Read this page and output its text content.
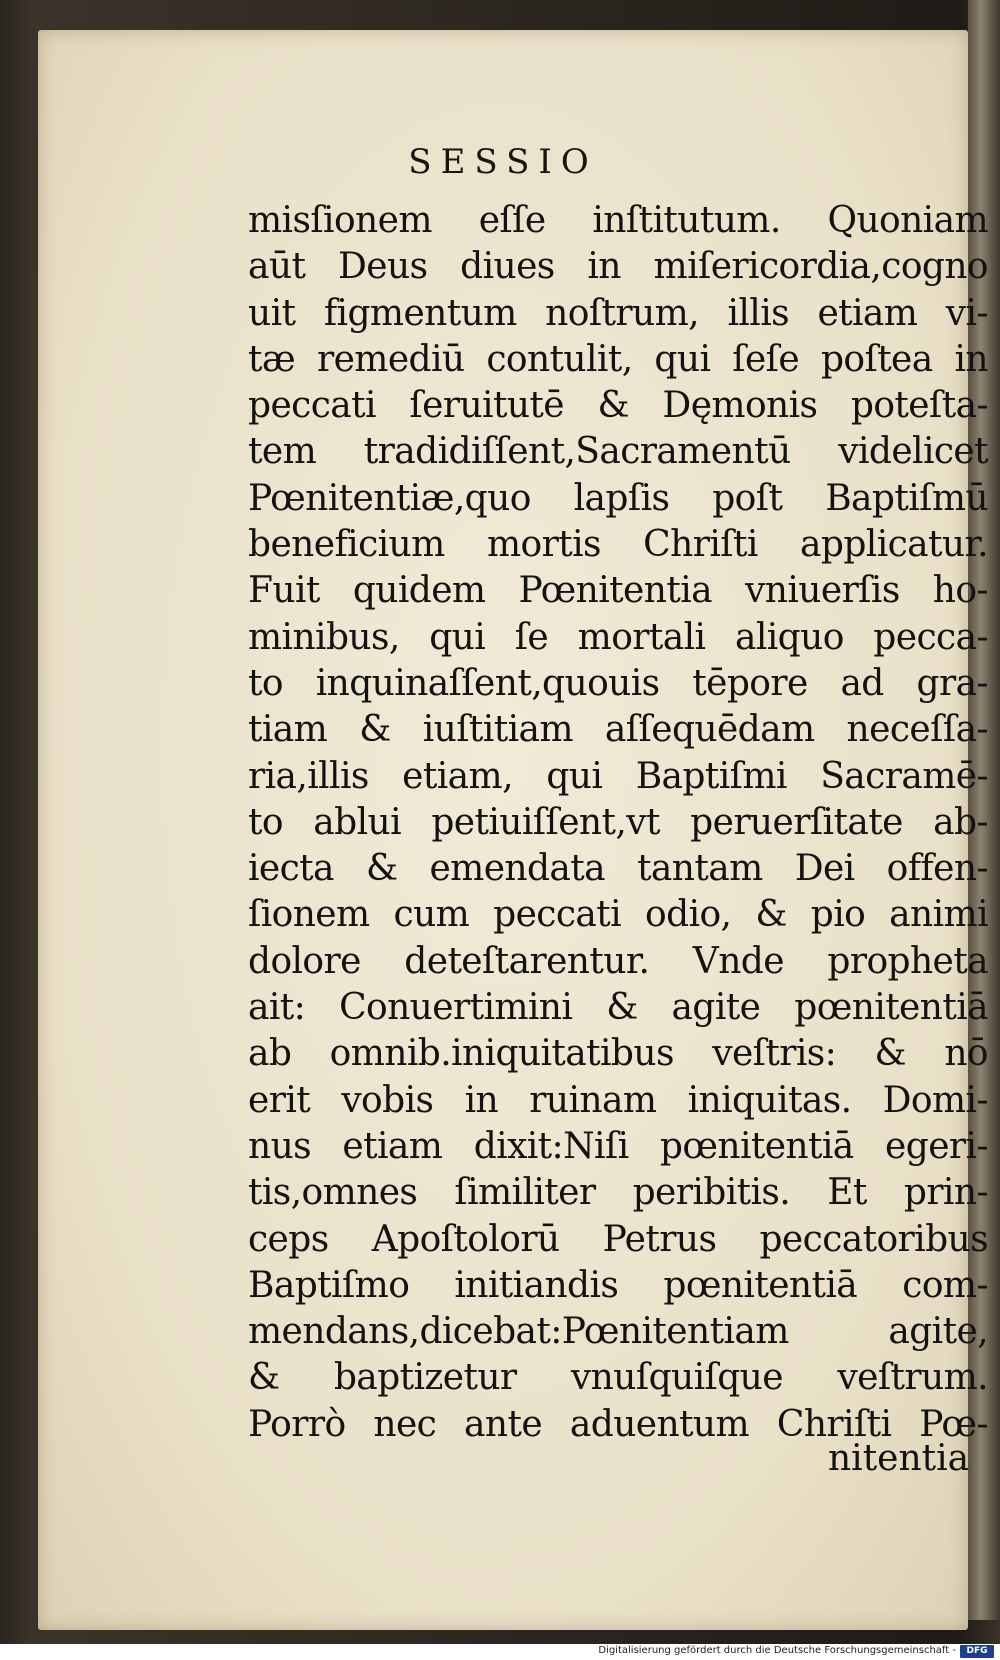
SESSIO
misſionem eſſe inſtitutum. Quoniam
aūt Deus diues in miſericordia,cogno
uit figmentum noſtrum, illis etiam vi-
tæ remediū contulit, qui ſeſe poſtea in
peccati ſeruitutē & Dęmonis poteſta-
tem tradidiſſent,Sacramentū videlicet
Pœnitentiæ,quo lapſis poſt Baptiſmū
beneficium mortis Chriſti applicatur.
Fuit quidem Pœnitentia vniuerſis ho-
minibus, qui ſe mortali aliquo pecca-
to inquinaſſent,quouis tēpore ad gra-
tiam & iuſtitiam aſſequēdam neceſſa-
ria,illis etiam, qui Baptiſmi Sacramē-
to ablui petiuiſſent,vt peruerſitate ab-
iecta & emendata tantam Dei offen-
ſionem cum peccati odio, & pio animi
dolore deteſtarentur. Vnde propheta
ait: Conuertimini & agite pœnitentiā
ab omnib.iniquitatibus veſtris: & nō
erit vobis in ruinam iniquitas. Domi-
nus etiam dixit:Niſi pœnitentiā egeri-
tis,omnes ſimiliter peribitis. Et prin-
ceps Apoſtolorū Petrus peccatoribus
Baptiſmo initiandis pœnitentiā com-
mendans,dicebat:Pœnitentiam agite,
& baptizetur vnuſquiſque veſtrum.
Porrò nec ante aduentum Chriſti Pœ-
nitentia
Digitalisierung gefördert durch die Deutsche Forschungsgemeinschaft -	DFG
